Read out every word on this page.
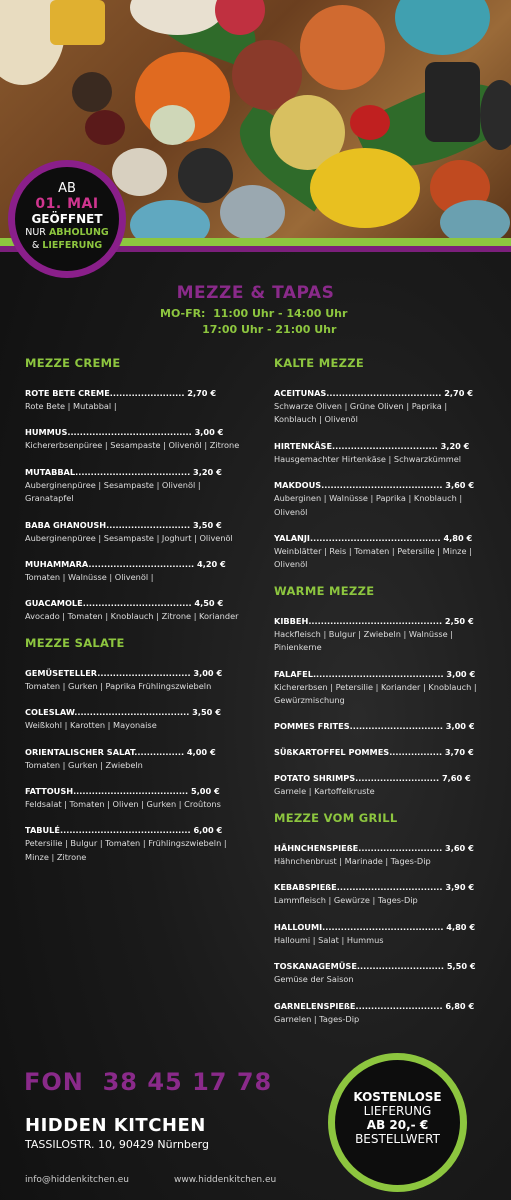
AB
01. MAI
GEÖFFNET
NUR ABHOLUNG
& LIEFERUNG
MEZZE & TAPAS
MO-FR:  11:00 Uhr - 14:00 Uhr
17:00 Uhr - 21:00 Uhr
MEZZE CREME
ROTE BETE CREME........................ 2,70 €
Rote Bete | Mutabbal |
HUMMUS........................................ 3,00 €
Kichererbsenpüree | Sesampaste | Olivenöl | Zitrone
MUTABBAL..................................... 3,20 €
Auberginenpüree | Sesampaste | Olivenöl | Granatapfel
BABA GHANOUSH........................... 3,50 €
Auberginenpüree | Sesampaste | Joghurt | Olivenöl
MUHAMMARA.................................. 4,20 €
Tomaten | Walnüsse | Olivenöl |
GUACAMOLE................................... 4,50 €
Avocado | Tomaten | Knoblauch | Zitrone | Koriander
MEZZE SALATE
GEMÜSETELLER.............................. 3,00 €
Tomaten | Gurken | Paprika Frühlingszwiebeln
COLESLAW..................................... 3,50 €
Weißkohl | Karotten | Mayonaise
ORIENTALISCHER SALAT................ 4,00 €
Tomaten | Gurken | Zwiebeln
FATTOUSH..................................... 5,00 €
Feldsalat | Tomaten | Oliven | Gurken | Croûtons
TABULÉ.......................................... 6,00 €
Petersilie | Bulgur | Tomaten | Frühlingszwiebeln | Minze | Zitrone
KALTE MEZZE
ACEITUNAS..................................... 2,70 €
Schwarze Oliven | Grüne Oliven | Paprika | Konblauch | Olivenöl
HIRTENKÄSE.................................. 3,20 €
Hausgemachter Hirtenkäse | Schwarzkümmel
MAKDOUS....................................... 3,60 €
Auberginen | Walnüsse | Paprika | Knoblauch | Olivenöl
YALANJI.......................................... 4,80 €
Weinblätter | Reis | Tomaten | Petersilie | Minze | Olivenöl
WARME MEZZE
KIBBEH........................................... 2,50 €
Hackfleisch | Bulgur | Zwiebeln | Walnüsse | Pinienkerne
FALAFEL.......................................... 3,00 €
Kichererbsen | Petersilie | Koriander | Knoblauch | Gewürzmischung
POMMES FRITES.............................. 3,00 €
SÜßKARTOFFEL POMMES................. 3,70 €
POTATO SHRIMPS........................... 7,60 €
Garnele | Kartoffelkruste
MEZZE VOM GRILL
HÄHNCHENSPIEßE........................... 3,60 €
Hähnchenbrust | Marinade | Tages-Dip
KEBABSPIEßE.................................. 3,90 €
Lammfleisch | Gewürze | Tages-Dip
HALLOUMI....................................... 4,80 €
Halloumi | Salat | Hummus
TOSKANAGEMÜSE............................ 5,50 €
Gemüse der Saison
GARNELENSPIEßE............................ 6,80 €
Garnelen | Tages-Dip
FON  38 45 17 78
HIDDEN KITCHEN
TASSILOSTR. 10, 90429 Nürnberg
info@hiddenkitchen.eu	www.hiddenkitchen.eu
KOSTENLOSE
LIEFERUNG
AB 20,- €
BESTELLWERT
